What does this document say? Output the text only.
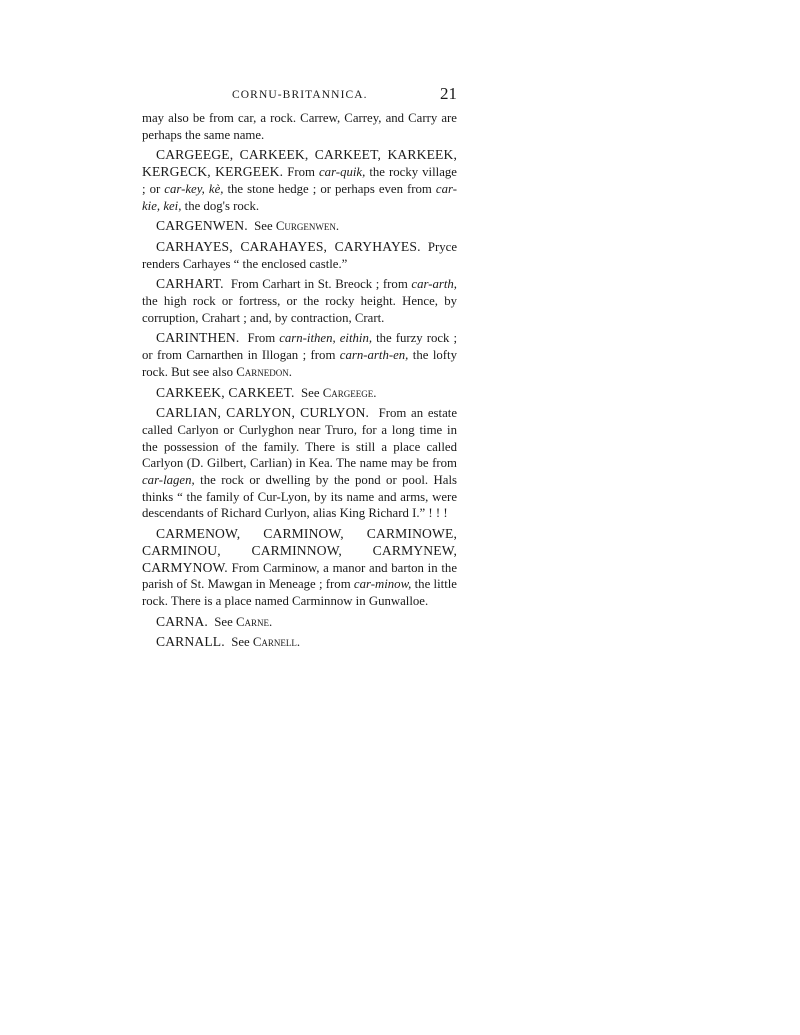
CORNU-BRITANNICA.	21

may also be from car, a rock. Carrew, Carrey, and Carry are perhaps the same name.

CARGEEGE, CARKEEK, CARKEET, KARKEEK, KERGECK, KERGEEK. From car-quik, the rocky village ; or car-key, kè, the stone hedge ; or perhaps even from car-kie, kei, the dog's rock.

CARGENWEN. See Curgenwen.

CARHAYES, CARAHAYES, CARYHAYES. Pryce renders Carhayes “ the enclosed castle.”

CARHART. From Carhart in St. Breock ; from car-arth, the high rock or fortress, or the rocky height. Hence, by corruption, Crahart ; and, by contraction, Crart.

CARINTHEN. From carn-ithen, eithin, the furzy rock ; or from Carnarthen in Illogan ; from carn-arth-en, the lofty rock. But see also Carnedon.

CARKEEK, CARKEET. See Cargeege.

CARLIAN, CARLYON, CURLYON. From an estate called Carlyon or Curlyghon near Truro, for a long time in the possession of the family. There is still a place called Carlyon (D. Gilbert, Carlian) in Kea. The name may be from car-lagen, the rock or dwelling by the pond or pool. Hals thinks “ the family of Cur-Lyon, by its name and arms, were descendants of Richard Curlyon, alias King Richard I.” ! ! !

CARMENOW, CARMINOW, CARMINOWE, CARMINOU, CARMINNOW, CARMYNEW, CARMYNOW. From Carminow, a manor and barton in the parish of St. Mawgan in Meneage ; from car-minow, the little rock. There is a place named Carminnow in Gunwalloe.

CARNA. See Carne.

CARNALL. See Carnell.
